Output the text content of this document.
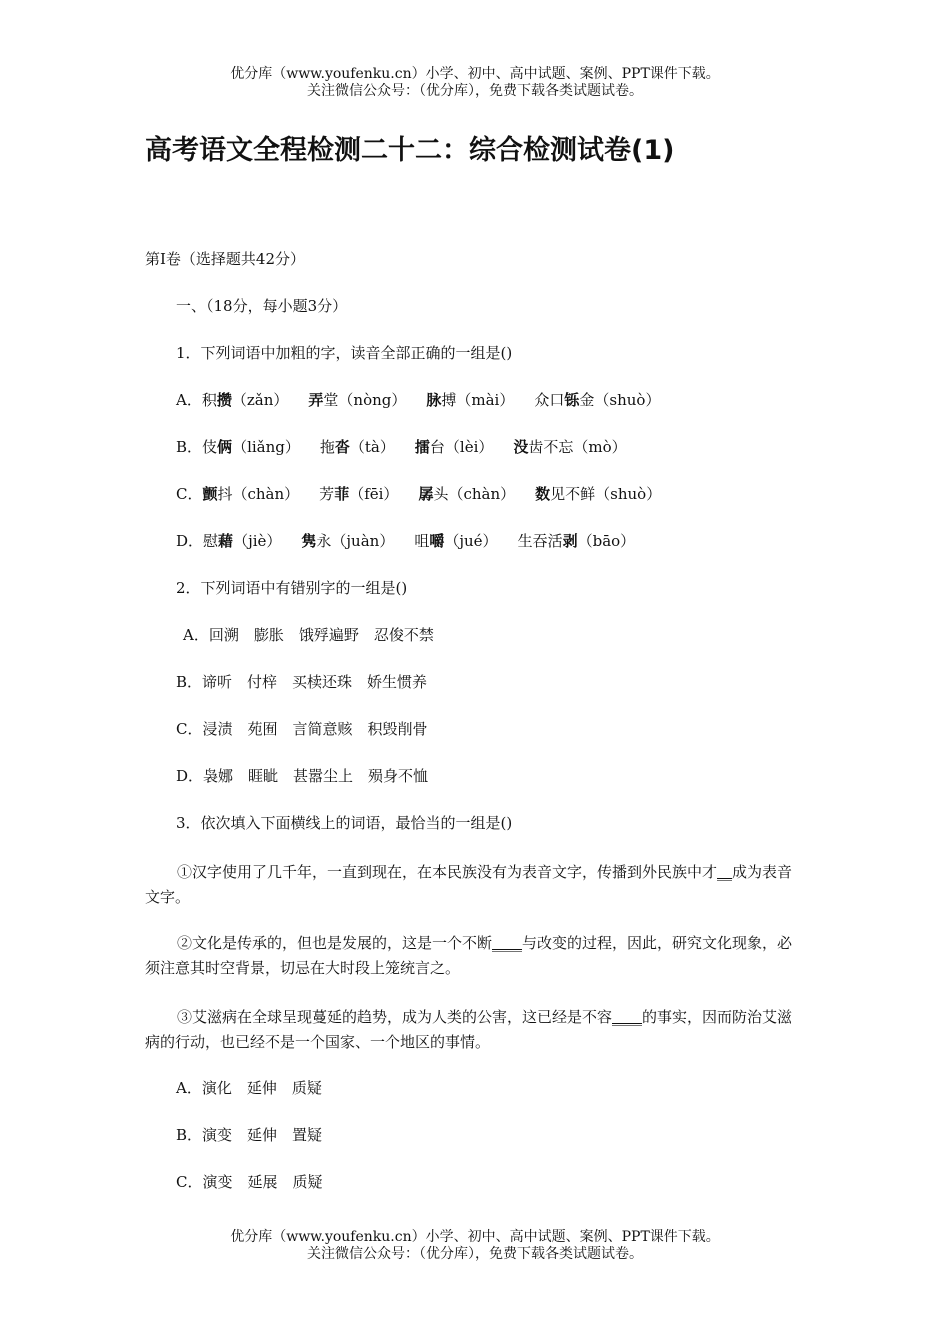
优分库（www.youfenku.cn）小学、初中、高中试题、案例、PPT课件下载。
关注微信公众号：（优分库），免费下载各类试题试卷。
高考语文全程检测二十二：综合检测试卷(1)
第Ⅰ卷（选择题共42分）
一、（18分，每小题3分）
1．下列词语中加粗的字，读音全部正确的一组是()
A．积攒（zǎn） 弄堂（nòng） 脉搏（mài） 众口铄金（shuò）
B．伎俩（liǎng） 拖沓（tà） 擂台（lèi） 没齿不忘（mò）
C．颤抖（chàn） 芳菲（fēi） 孱头（chàn） 数见不鲜（shuò）
D．慰藉（jiè） 隽永（juàn） 咀嚼（jué） 生吞活剥（bāo）
2．下列词语中有错别字的一组是()
A．回溯　膨胀　饿殍遍野　忍俊不禁
B．谛听　付梓　买椟还珠　娇生惯养
C．浸渍　苑囿　言简意赅　积毁削骨
D．袅娜　睚眦　甚嚣尘上　殒身不恤
3．依次填入下面横线上的词语，最恰当的一组是()
①汉字使用了几千年，一直到现在，在本民族没有为表音文字，传播到外民族中才__成为表音文字。
②文化是传承的，但也是发展的，这是一个不断____与改变的过程，因此，研究文化现象，必须注意其时空背景，切忌在大时段上笼统言之。
③艾滋病在全球呈现蔓延的趋势，成为人类的公害，这已经是不容____的事实，因而防治艾滋病的行动，也已经不是一个国家、一个地区的事情。
A．演化　延伸　质疑
B．演变　延伸　置疑
C．演变　延展　质疑
优分库（www.youfenku.cn）小学、初中、高中试题、案例、PPT课件下载。
关注微信公众号：（优分库），免费下载各类试题试卷。
